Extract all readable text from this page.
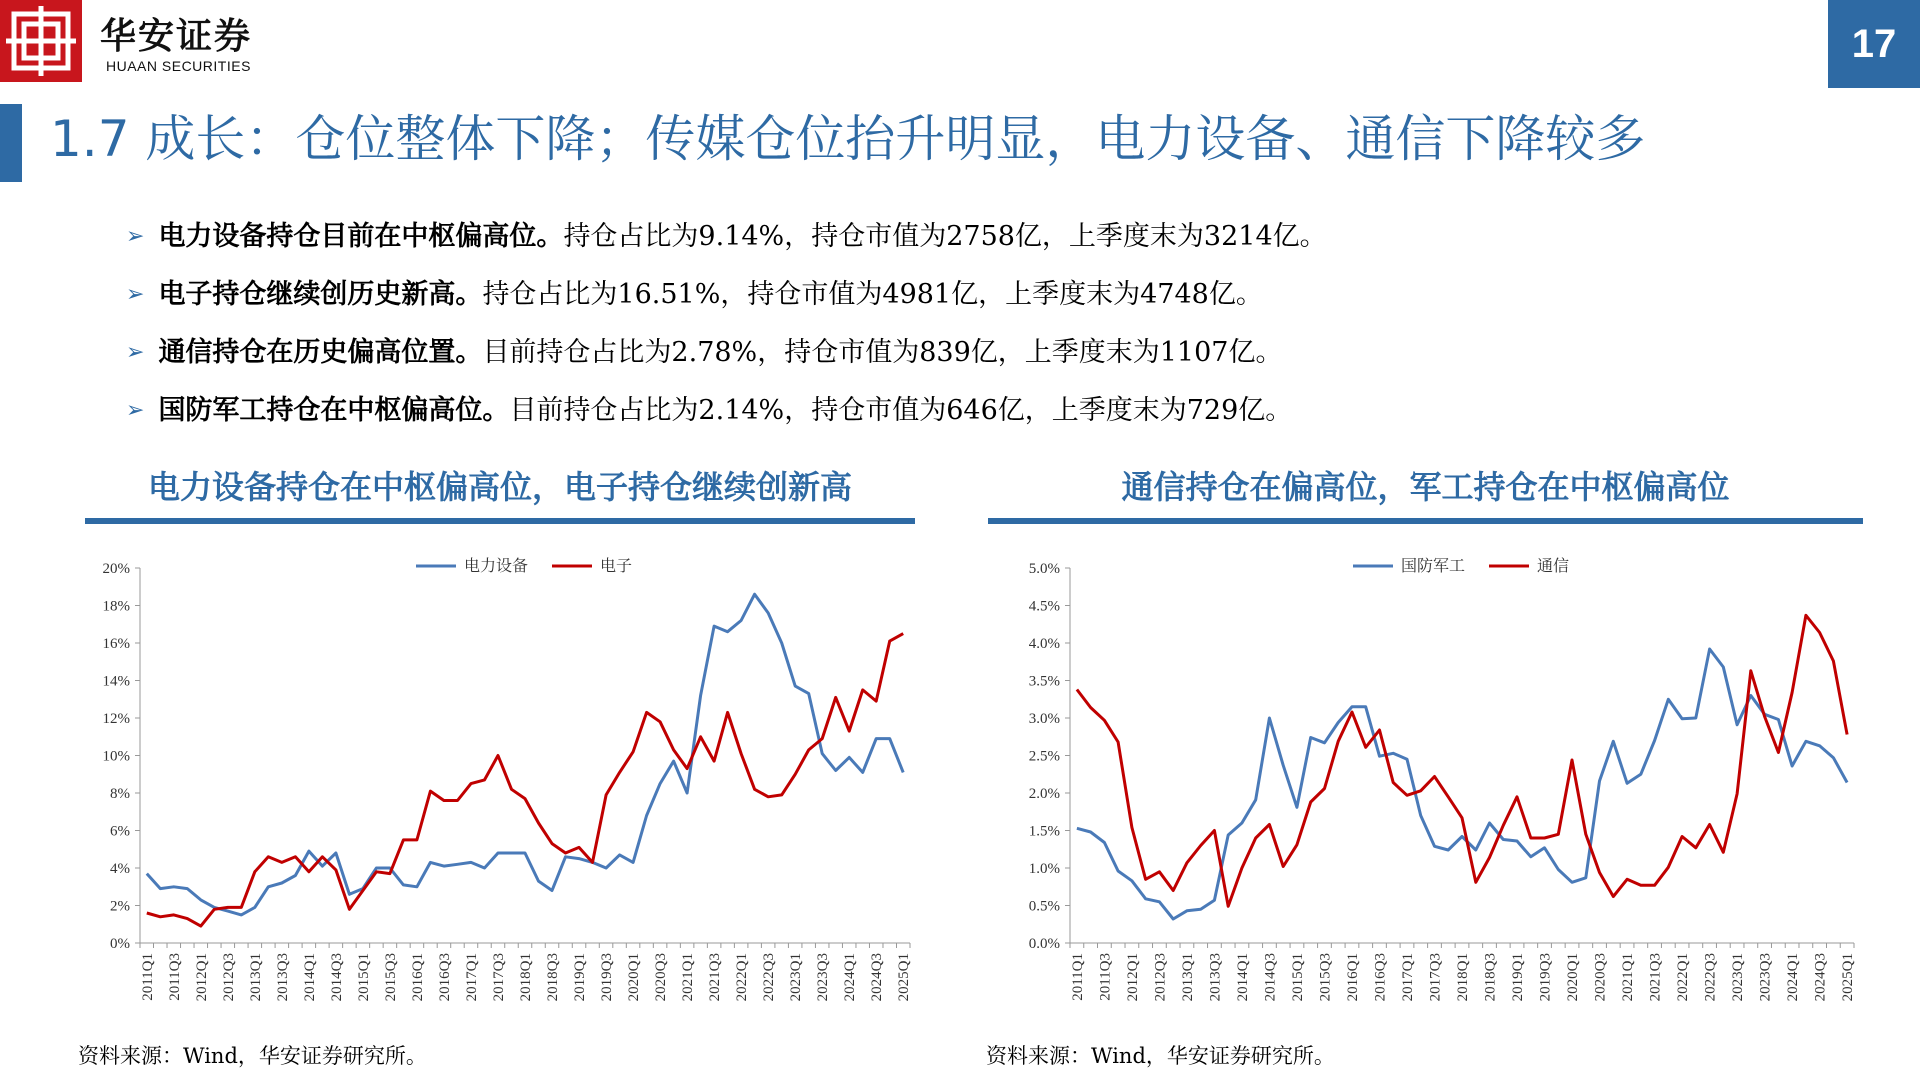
华安证券
HUAAN SECURITIES
17
1.7 成长：仓位整体下降；传媒仓位抬升明显，电力设备、通信下降较多
➢ 电力设备持仓目前在中枢偏高位。 持仓占比为9.14%，持仓市值为2758亿，上季度末为3214亿。
➢ 电子持仓继续创历史新高。 持仓占比为16.51%，持仓市值为4981亿，上季度末为4748亿。
➢ 通信持仓在历史偏高位置。 目前持仓占比为2.78%，持仓市值为839亿，上季度末为1107亿。
➢ 国防军工持仓在中枢偏高位。 目前持仓占比为2.14%，持仓市值为646亿，上季度末为729亿。
电力设备持仓在中枢偏高位，电子持仓继续创新高
0%
2%
4%
6%
8%
10%
12%
14%
16%
18%
20%
2011Q1 2011Q3 2012Q1 2012Q3 2013Q1 2013Q3 2014Q1 2014Q3 2015Q1 2015Q3 2016Q1 2016Q3 2017Q1 2017Q3 2018Q1 2018Q3 2019Q1 2019Q3 2020Q1 2020Q3 2021Q1 2021Q3 2022Q1 2022Q3 2023Q1 2023Q3 2024Q1 2024Q3 2025Q1
电力设备	电子
资料来源：Wind，华安证券研究所。
通信持仓在偏高位，军工持仓在中枢偏高位
0.0%
0.5%
1.0%
1.5%
2.0%
2.5%
3.0%
3.5%
4.0%
4.5%
5.0%
2011Q1 2011Q3 2012Q1 2012Q3 2013Q1 2013Q3 2014Q1 2014Q3 2015Q1 2015Q3 2016Q1 2016Q3 2017Q1 2017Q3 2018Q1 2018Q3 2019Q1 2019Q3 2020Q1 2020Q3 2021Q1 2021Q3 2022Q1 2022Q3 2023Q1 2023Q3 2024Q1 2024Q3 2025Q1
国防军工	通信
资料来源：Wind，华安证券研究所。
